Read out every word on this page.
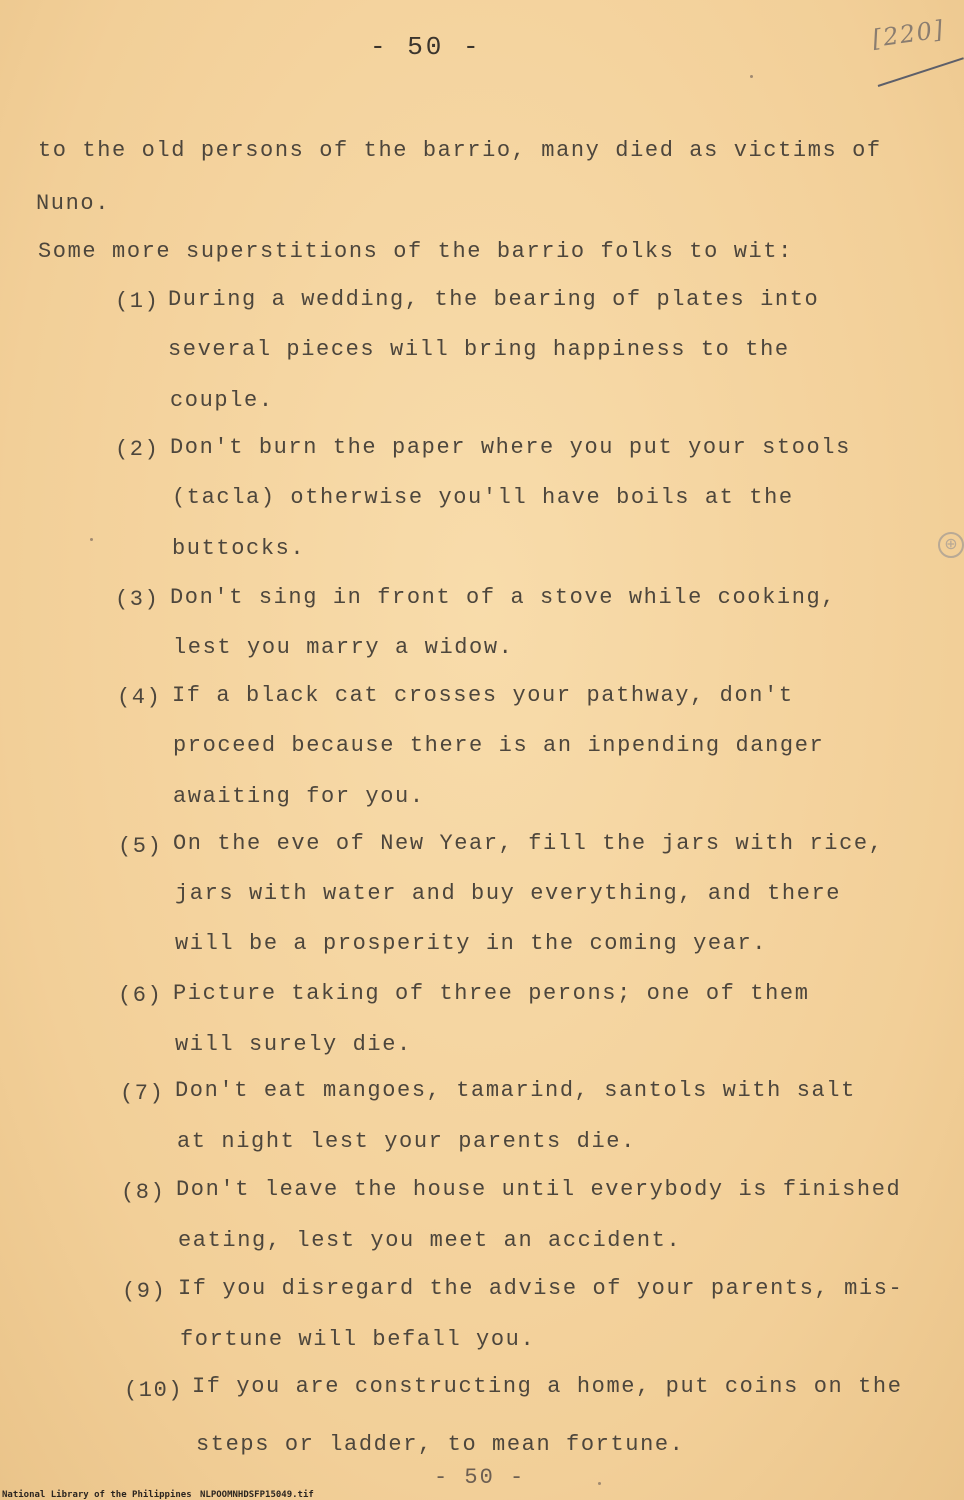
- 50 -	[220]
⊕
to the old persons of the barrio, many died as victims of
Nuno.
Some more superstitions of the barrio folks to wit:
(1) During a wedding, the bearing of plates into
several pieces will bring happiness to the
couple.
(2) Don't burn the paper where you put your stools
(tacla) otherwise you'll have boils at the
buttocks.
(3) Don't sing in front of a stove while cooking,
lest you marry a widow.
(4) If a black cat crosses your pathway, don't
proceed because there is an inpending danger
awaiting for you.
(5) On the eve of New Year, fill the jars with rice,
jars with water and buy everything, and there
will be a prosperity in the coming year.
(6) Picture taking of three perons; one of them
will surely die.
(7) Don't eat mangoes, tamarind, santols with salt
at night lest your parents die.
(8) Don't leave the house until everybody is finished
eating, lest you meet an accident.
(9) If you disregard the advise of your parents, mis-
fortune will befall you.
(10) If you are constructing a home, put coins on the
steps or ladder, to mean fortune.
- 50 -
National Library of the Philippines NLPOOMNHDSFP15049.tif
